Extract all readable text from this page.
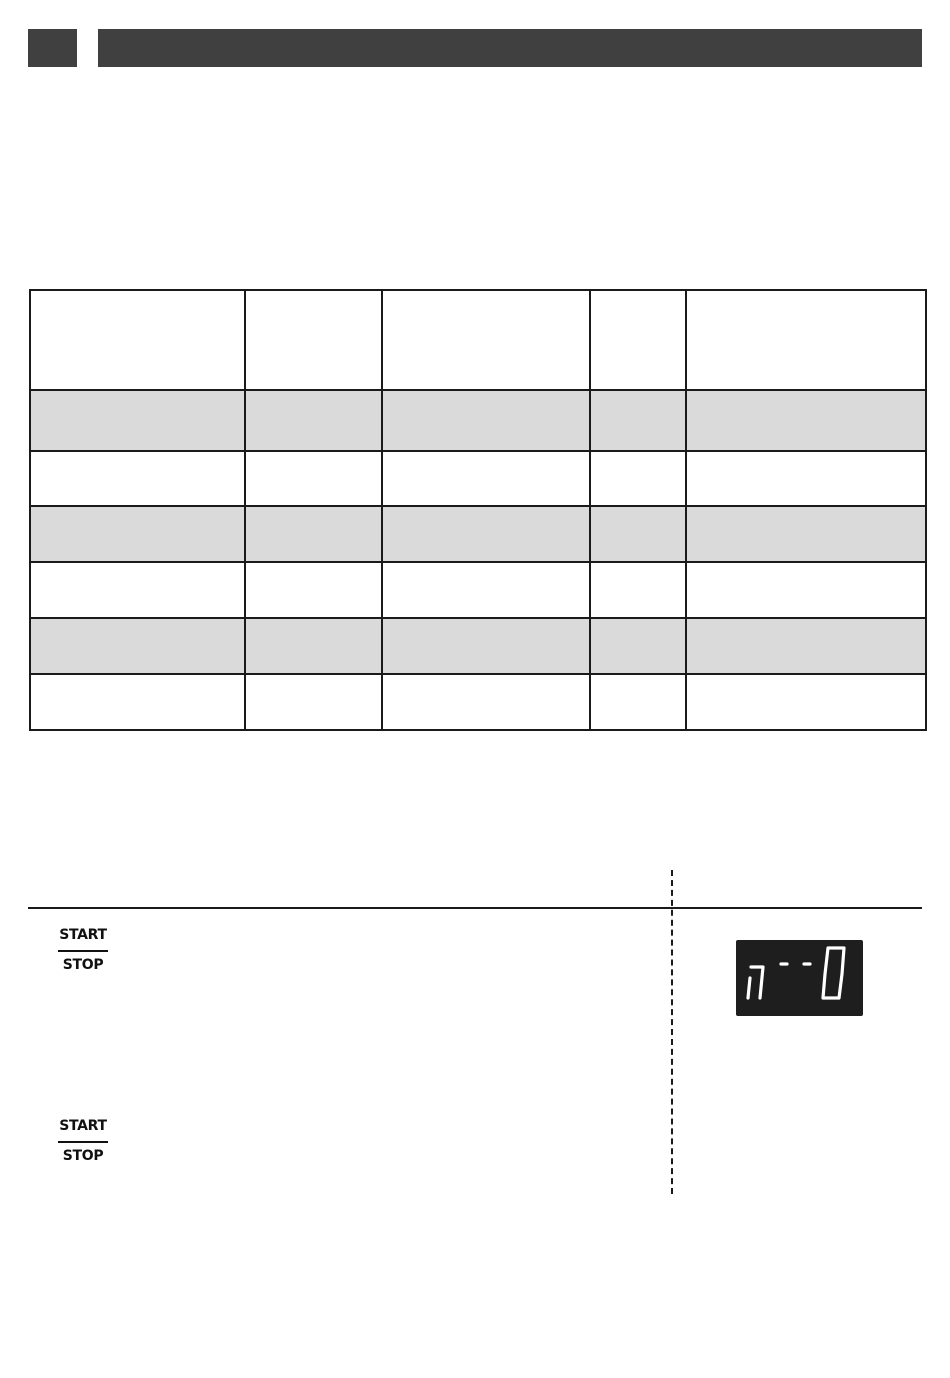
START
STOP
START
STOP
